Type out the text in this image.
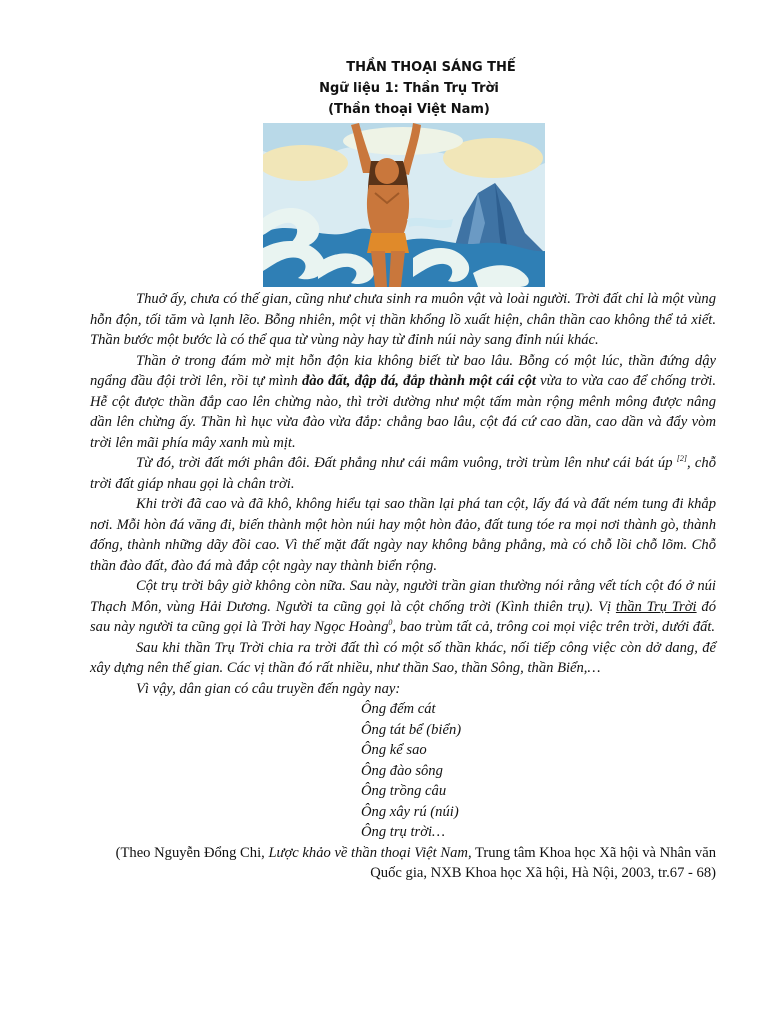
THẦN THOẠI SÁNG THẾ
Ngữ liệu 1: Thần Trụ Trời
(Thần thoại Việt Nam)

Thuở ấy, chưa có thế gian, cũng như chưa sinh ra muôn vật và loài người. Trời đất chỉ là một vùng hỗn độn, tối tăm và lạnh lẽo. Bỗng nhiên, một vị thần khổng lồ xuất hiện, chân thần cao không thể tả xiết. Thần bước một bước là có thể qua từ vùng này hay từ đỉnh núi này sang đỉnh núi khác.

Thần ở trong đám mờ mịt hỗn độn kia không biết từ bao lâu. Bỗng có một lúc, thần đứng dậy ngẩng đầu đội trời lên, rồi tự mình đào đất, đập đá, đắp thành một cái cột vừa to vừa cao để chống trời. Hễ cột được thần đắp cao lên chừng nào, thì trời dường như một tấm màn rộng mênh mông được nâng dần lên chừng ấy. Thần hì hục vừa đào vừa đắp: chẳng bao lâu, cột đá cứ cao dần, cao dần và đẩy vòm trời lên mãi phía mây xanh mù mịt.

Từ đó, trời đất mới phân đôi. Đất phẳng như cái mâm vuông, trời trùm lên như cái bát úp [2], chỗ trời đất giáp nhau gọi là chân trời.

Khi trời đã cao và đã khô, không hiểu tại sao thần lại phá tan cột, lấy đá và đất ném tung đi khắp nơi. Mỗi hòn đá văng đi, biến thành một hòn núi hay một hòn đảo, đất tung tóe ra mọi nơi thành gò, thành đống, thành những dãy đồi cao. Vì thế mặt đất ngày nay không bằng phẳng, mà có chỗ lồi chỗ lõm. Chỗ thần đào đất, đào đá mà đắp cột ngày nay thành biển rộng.

Cột trụ trời bây giờ không còn nữa. Sau này, người trần gian thường nói rằng vết tích cột đó ở núi Thạch Môn, vùng Hải Dương. Người ta cũng gọi là cột chống trời (Kình thiên trụ). Vị thần Trụ Trời đó sau này người ta cũng gọi là Trời hay Ngọc Hoàng$^0$, bao trùm tất cả, trông coi mọi việc trên trời, dưới đất.

Sau khi thần Trụ Trời chia ra trời đất thì có một số thần khác, nối tiếp công việc còn dở dang, để xây dựng nên thế gian. Các vị thần đó rất nhiều, như thần Sao, thần Sông, thần Biển,…

Vì vậy, dân gian có câu truyền đến ngày nay:

Ông đếm cát
Ông tát bể (biển)
Ông kể sao
Ông đào sông
Ông trồng câu
Ông xây rú (núi)
Ông trụ trời…
(Theo Nguyễn Đổng Chi, Lược khảo về thần thoại Việt Nam, Trung tâm Khoa học Xã hội và Nhân văn
Quốc gia, NXB Khoa học Xã hội, Hà Nội, 2003, tr.67 - 68)
